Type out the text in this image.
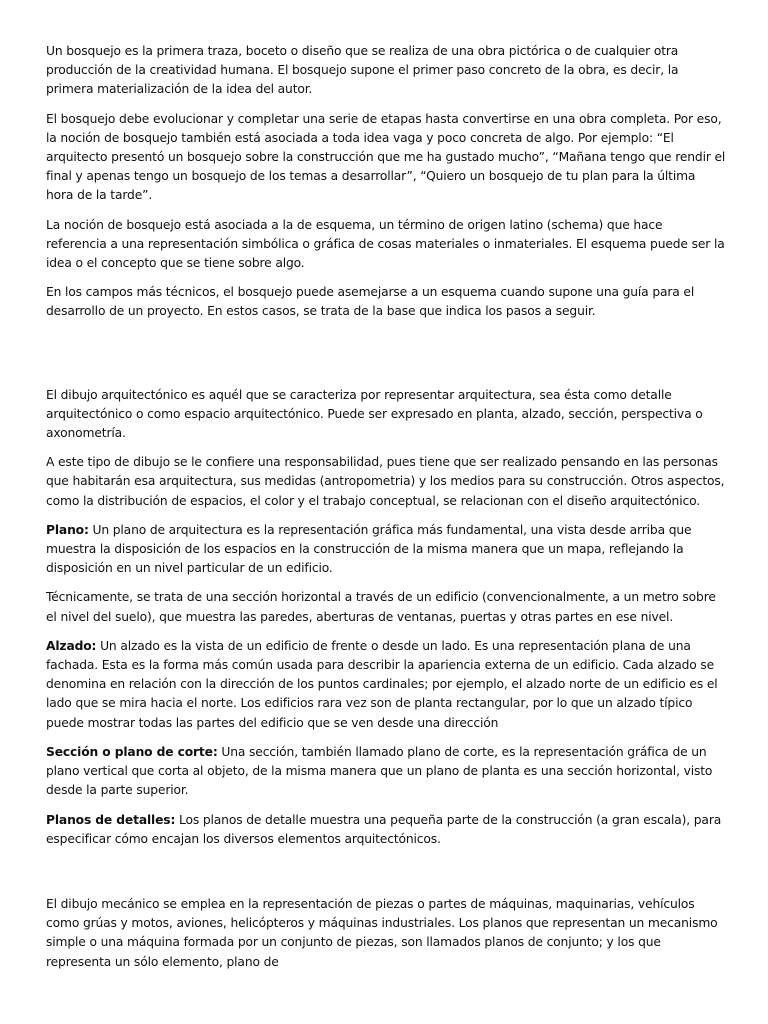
Un bosquejo es la primera traza, boceto o diseño que se realiza de una obra pictórica o de cualquier otra producción de la creatividad humana. El bosquejo supone el primer paso concreto de la obra, es decir, la primera materialización de la idea del autor.

El bosquejo debe evolucionar y completar una serie de etapas hasta convertirse en una obra completa. Por eso, la noción de bosquejo también está asociada a toda idea vaga y poco concreta de algo. Por ejemplo: “El arquitecto presentó un bosquejo sobre la construcción que me ha gustado mucho”, “Mañana tengo que rendir el final y apenas tengo un bosquejo de los temas a desarrollar”, “Quiero un bosquejo de tu plan para la última hora de la tarde”.

La noción de bosquejo está asociada a la de esquema, un término de origen latino (schema) que hace referencia a una representación simbólica o gráfica de cosas materiales o inmateriales. El esquema puede ser la idea o el concepto que se tiene sobre algo.

En los campos más técnicos, el bosquejo puede asemejarse a un esquema cuando supone una guía para el desarrollo de un proyecto. En estos casos, se trata de la base que indica los pasos a seguir.

El dibujo arquitectónico es aquél que se caracteriza por representar arquitectura, sea ésta como detalle arquitectónico o como espacio arquitectónico. Puede ser expresado en planta, alzado, sección, perspectiva o axonometría.

A este tipo de dibujo se le confiere una responsabilidad, pues tiene que ser realizado pensando en las personas que habitarán esa arquitectura, sus medidas (antropometria) y los medios para su construcción. Otros aspectos, como la distribución de espacios, el color y el trabajo conceptual, se relacionan con el diseño arquitectónico.

Plano: Un plano de arquitectura es la representación gráfica más fundamental, una vista desde arriba que muestra la disposición de los espacios en la construcción de la misma manera que un mapa, reflejando la disposición en un nivel particular de un edificio.

Técnicamente, se trata de una sección horizontal a través de un edificio (convencionalmente, a un metro sobre el nivel del suelo), que muestra las paredes, aberturas de ventanas, puertas y otras partes en ese nivel.

Alzado: Un alzado es la vista de un edificio de frente o desde un lado. Es una representación plana de una fachada. Esta es la forma más común usada para describir la apariencia externa de un edificio. Cada alzado se denomina en relación con la dirección de los puntos cardinales; por ejemplo, el alzado norte de un edificio es el lado que se mira hacia el norte. Los edificios rara vez son de planta rectangular, por lo que un alzado típico puede mostrar todas las partes del edificio que se ven desde una dirección

Sección o plano de corte: Una sección, también llamado plano de corte, es la representación gráfica de un plano vertical que corta al objeto, de la misma manera que un plano de planta es una sección horizontal, visto desde la parte superior.

Planos de detalles: Los planos de detalle muestra una pequeña parte de la construcción (a gran escala), para especificar cómo encajan los diversos elementos arquitectónicos.

El dibujo mecánico se emplea en la representación de piezas o partes de máquinas, maquinarias, vehículos como grúas y motos, aviones, helicópteros y máquinas industriales. Los planos que representan un mecanismo simple o una máquina formada por un conjunto de piezas, son llamados planos de conjunto; y los que representa un sólo elemento, plano de
